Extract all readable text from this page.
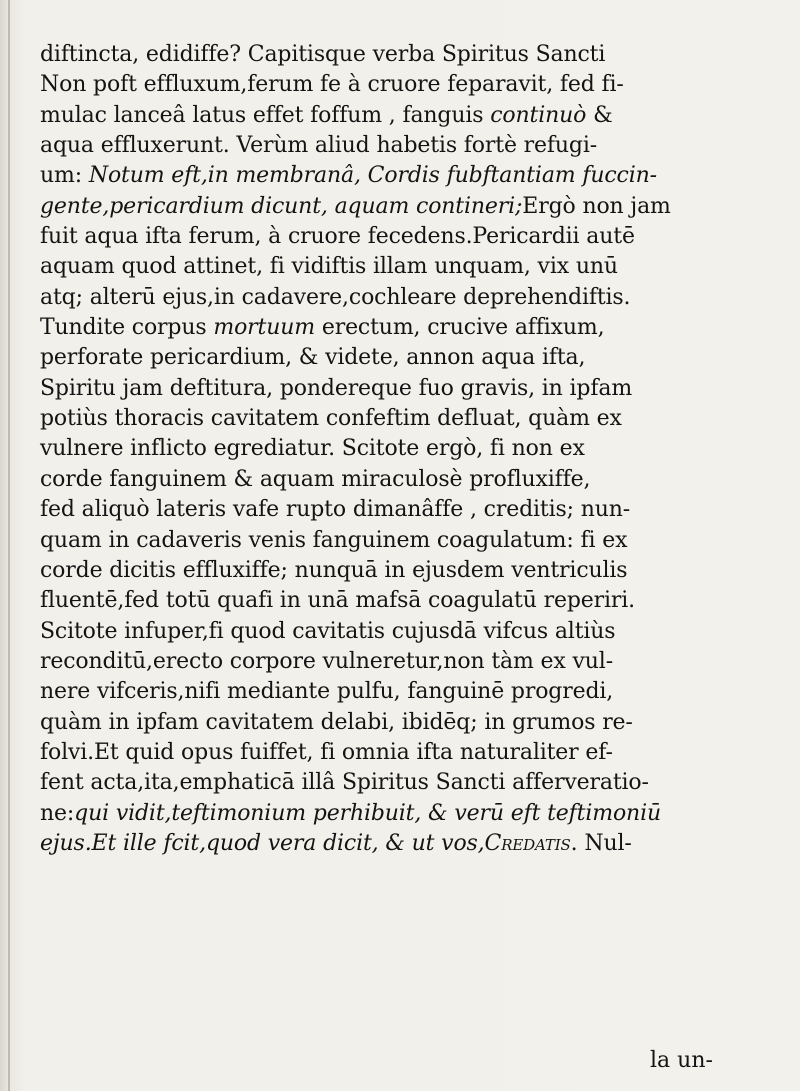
diftincta, edidiffe? Capitisque verba Spiritus Sancti
Non poft effluxum,ferum fe à cruore feparavit, fed fi-
mulac lanceâ latus effet foffum , fanguis continuò &
aqua effluxerunt. Verùm aliud habetis fortè refugi-
um: Notum eft,in membranâ, Cordis fubftantiam fuccin-
gente,pericardium dicunt, aquam contineri;Ergò non jam
fuit aqua ifta ferum, à cruore fecedens.Pericardii autē
aquam quod attinet, fi vidiftis illam unquam, vix unū
atq; alterū ejus,in cadavere,cochleare deprehendiftis.
Tundite corpus mortuum erectum, crucive affixum,
perforate pericardium, & videte, annon aqua ifta,
Spiritu jam deftitura, pondereque fuo gravis, in ipfam
potiùs thoracis cavitatem confeftim defluat, quàm ex
vulnere inflicto egrediatur. Scitote ergò, fi non ex
corde fanguinem & aquam miraculosè profluxiffe,
fed aliquò lateris vafe rupto dimanâffe , creditis; nun-
quam in cadaveris venis fanguinem coagulatum: fi ex
corde dicitis effluxiffe; nunquā in ejusdem ventriculis
fluentē,fed totū quafi in unā mafsā coagulatū reperiri.
Scitote infuper,fi quod cavitatis cujusdā vifcus altiùs
reconditū,erecto corpore vulneretur,non tàm ex vul-
nere vifceris,nifi mediante pulfu, fanguinē progredi,
quàm in ipfam cavitatem delabi, ibidēq; in grumos re-
folvi.Et quid opus fuiffet, fi omnia ifta naturaliter ef-
fent acta,ita,emphaticā illâ Spiritus Sancti afferveratio-
ne:qui vidit,teftimonium perhibuit, & verū eft teftimoniū
ejus.Et ille fcit,quod vera dicit, & ut vos,Credatis. Nul-
la un-
